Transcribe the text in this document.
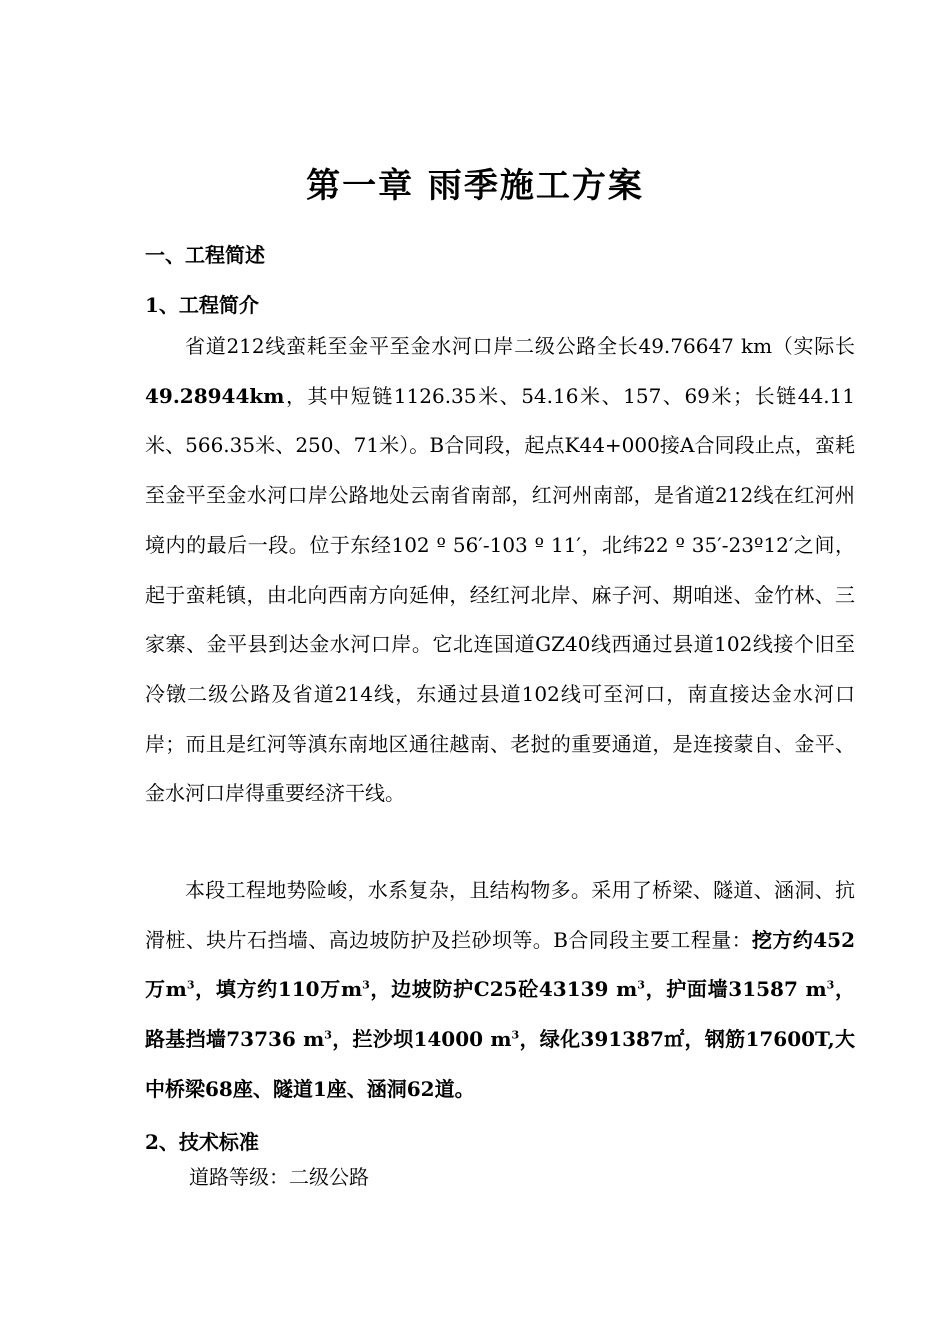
第一章 雨季施工方案
一、工程简述
1、工程简介

省道212线蛮耗至金平至金水河口岸二级公路全长49.76647 km（实际长49.28944km，其中短链1126.35米、54.16米、157、69米；长链44.11米、566.35米、250、71米）。B合同段，起点K44+000接A合同段止点，蛮耗至金平至金水河口岸公路地处云南省南部，红河州南部，是省道212线在红河州境内的最后一段。位于东经102 º 56′-103 º 11′，北纬22 º 35′-23º12′之间，起于蛮耗镇，由北向西南方向延伸，经红河北岸、麻子河、期咱迷、金竹林、三家寨、金平县到达金水河口岸。它北连国道GZ40线西通过县道102线接个旧至冷镦二级公路及省道214线，东通过县道102线可至河口，南直接达金水河口岸；而且是红河等滇东南地区通往越南、老挝的重要通道，是连接蒙自、金平、金水河口岸得重要经济干线。

本段工程地势险峻，水系复杂，且结构物多。采用了桥梁、隧道、涵洞、抗滑桩、块片石挡墙、高边坡防护及拦砂坝等。B合同段主要工程量：挖方约452万$m^3$，填方约110万$m^3$，边坡防护C25砼43139 $m^3$，护面墙31587 $m^3$，路基挡墙73736 $m^3$，拦沙坝14000 $m^3$，绿化391387㎡，钢筋17600T,大中桥梁68座、隧道1座、涵洞62道。

2、技术标准

道路等级：二级公路
